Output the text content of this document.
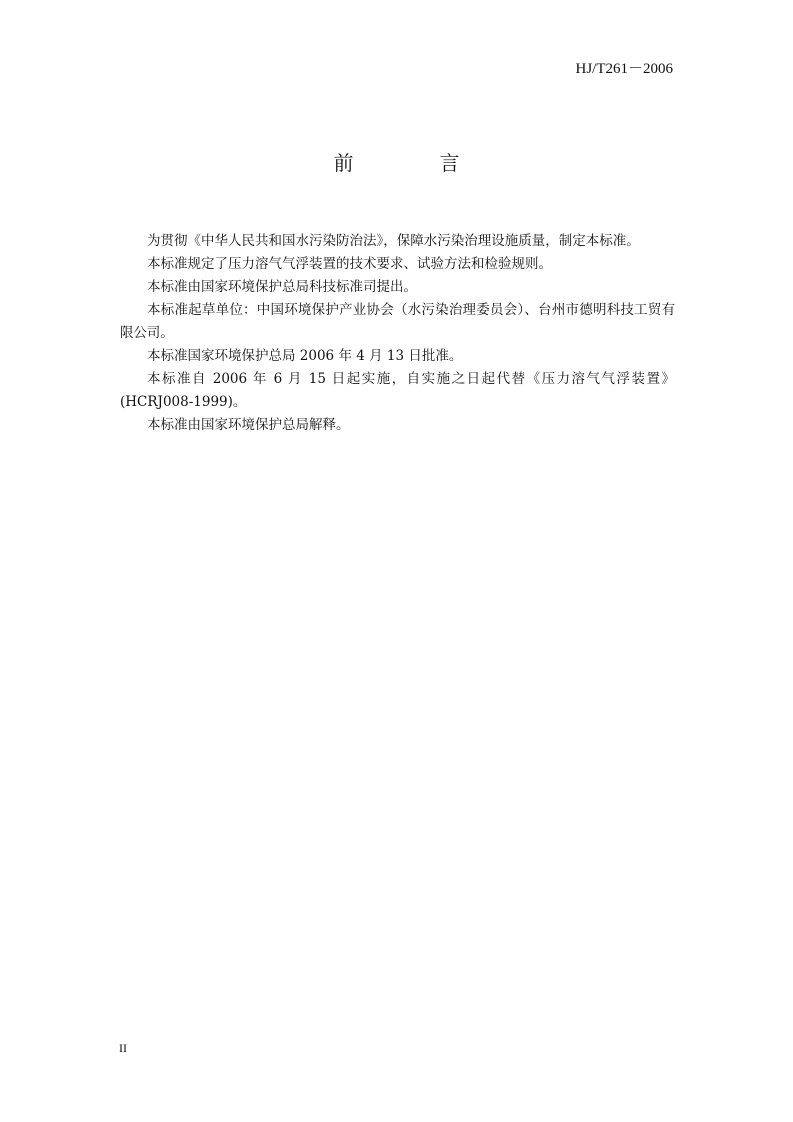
HJ/T261－2006
前　言

为贯彻《中华人民共和国水污染防治法》，保障水污染治理设施质量，制定本标准。

本标准规定了压力溶气气浮装置的技术要求、试验方法和检验规则。

本标准由国家环境保护总局科技标准司提出。

本标准起草单位：中国环境保护产业协会（水污染治理委员会）、台州市德明科技工贸有限公司。

本标准国家环境保护总局 2006 年 4 月 13 日批准。

本标准自 2006 年 6 月 15 日起实施，自实施之日起代替《压力溶气气浮装置》(HCRJ008-1999)。

本标准由国家环境保护总局解释。

II
